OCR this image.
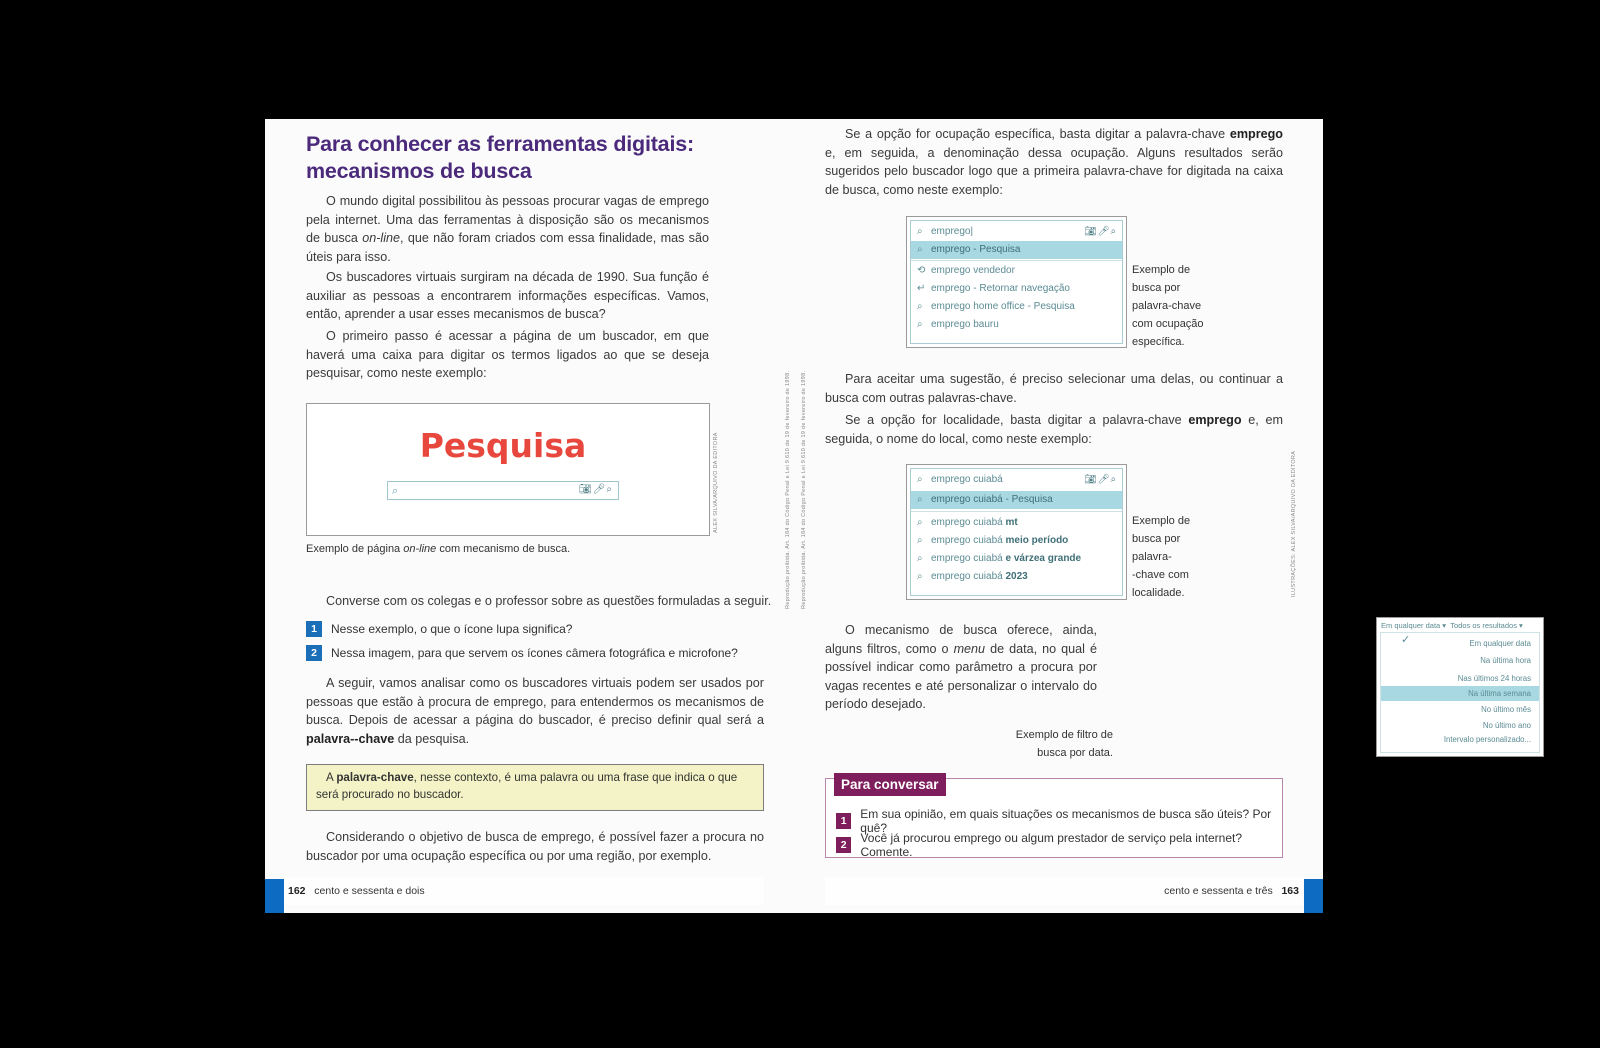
Para conhecer as ferramentas digitais: mecanismos de busca

O mundo digital possibilitou às pessoas procurar vagas de emprego pela internet. Uma das ferramentas à disposição são os mecanismos de busca on-line, que não foram criados com essa finalidade, mas são úteis para isso.

Os buscadores virtuais surgiram na década de 1990. Sua função é auxiliar as pessoas a encontrarem informações específicas. Vamos, então, aprender a usar esses mecanismos de busca?

O primeiro passo é acessar a página de um buscador, em que haverá uma caixa para digitar os termos ligados ao que se deseja pesquisar, como neste exemplo:

Pesquisa
⌕	📷︎🎤︎⌕	ALEX SILVA/ARQUIVO DA EDITORA
Exemplo de página on-line com mecanismo de busca.

Converse com os colegas e o professor sobre as questões formuladas a seguir.

1	Nesse exemplo, o que o ícone lupa significa?
2	Nessa imagem, para que servem os ícones câmera fotográfica e microfone?

A seguir, vamos analisar como os buscadores virtuais podem ser usados por pessoas que estão à procura de emprego, para entendermos os mecanismos de busca. Depois de acessar a página do buscador, é preciso definir qual será a palavra--chave da pesquisa.

A palavra-chave, nesse contexto, é uma palavra ou uma frase que indica o que será procurado no buscador.

Considerando o objetivo de busca de emprego, é possível fazer a procura no buscador por uma ocupação específica ou por uma região, por exemplo.

162 cento e sessenta e dois
Reprodução proibida. Art. 184 do Código Penal e Lei 9.610 de 19 de fevereiro de 1998. Reprodução proibida. Art. 184 do Código Penal e Lei 9.610 de 19 de fevereiro de 1998.

Se a opção for ocupação específica, basta digitar a palavra-chave emprego e, em seguida, a denominação dessa ocupação. Alguns resultados serão sugeridos pelo buscador logo que a primeira palavra-chave for digitada na caixa de busca, como neste exemplo:

⌕ emprego|	📷︎🎤︎⌕
⌕ emprego - Pesquisa
⟲ emprego vendedor
↵ emprego - Retornar navegação
⌕ emprego home office - Pesquisa
⌕ emprego bauru
Exemplo de
busca por
palavra-chave
com ocupação
específica.

Para aceitar uma sugestão, é preciso selecionar uma delas, ou continuar a busca com outras palavras-chave.

Se a opção for localidade, basta digitar a palavra-chave emprego e, em seguida, o nome do local, como neste exemplo:

⌕ emprego cuiabá	📷︎🎤︎⌕
⌕ emprego cuiabá - Pesquisa
⌕ emprego cuiabá mt
⌕ emprego cuiabá meio período
⌕ emprego cuiabá e várzea grande
⌕ emprego cuiabá 2023
Exemplo de
busca por
palavra-
-chave com
localidade.	ILUSTRAÇÕES: ALEX SILVA/ARQUIVO DA EDITORA

O mecanismo de busca oferece, ainda, alguns filtros, como o menu de data, no qual é possível indicar como parâmetro a procura por vagas recentes e até personalizar o intervalo do período desejado.

Em qualquer data ▾ Todos os resultados ▾
✓	Em qualquer data
Na última hora
Nas últimos 24 horas
Na última semana
No último mês
No último ano
Intervalo personalizado...
Exemplo de filtro de
busca por data.
Para conversar
1	Em sua opinião, em quais situações os mecanismos de busca são úteis? Por quê?
2	Você já procurou emprego ou algum prestador de serviço pela internet? Comente.
cento e sessenta e três 163
